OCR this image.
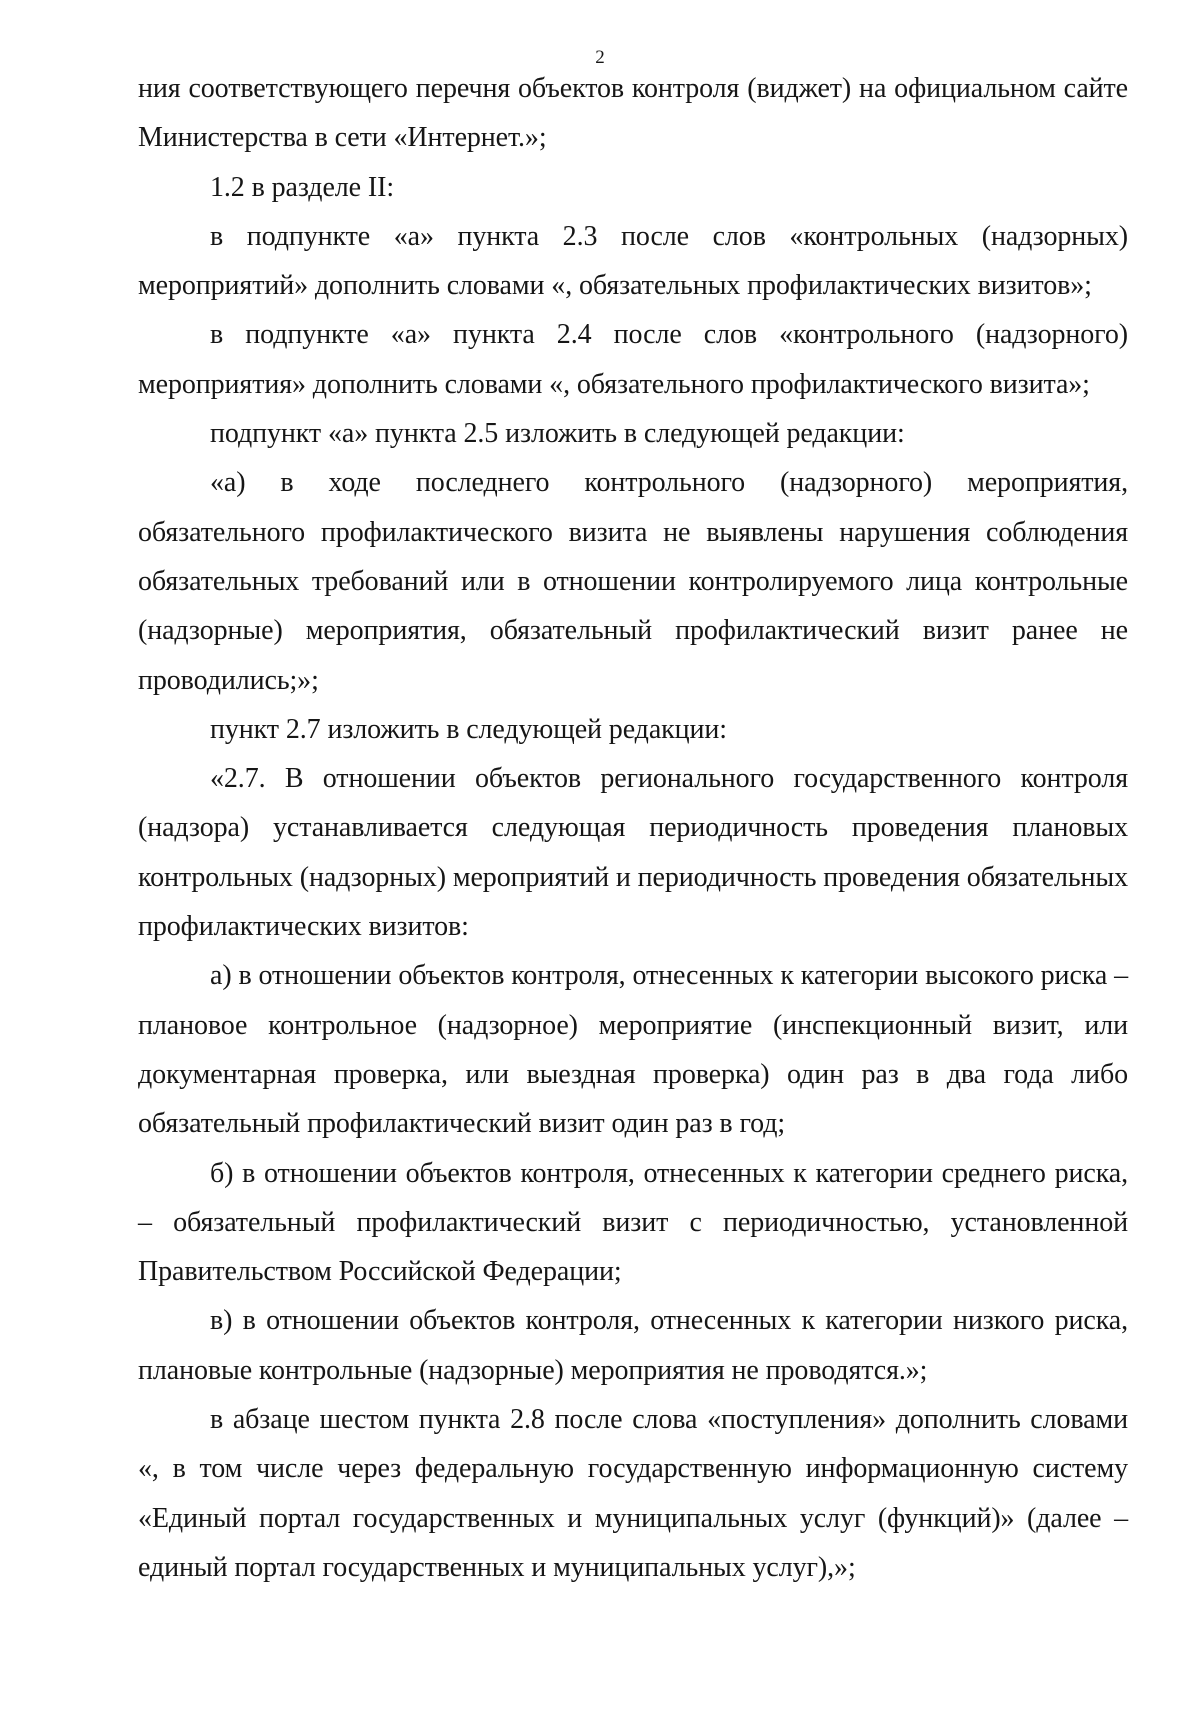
2

ния соответствующего перечня объектов контроля (виджет) на официальном сайте Министерства в сети «Интернет.»;

1.2 в разделе II:

в подпункте «а» пункта 2.3 после слов «контрольных (надзорных) мероприятий» дополнить словами «, обязательных профилактических визитов»;

в подпункте «а» пункта 2.4 после слов «контрольного (надзорного) мероприятия» дополнить словами «, обязательного профилактического визита»;

подпункт «а» пункта 2.5 изложить в следующей редакции:

«а) в ходе последнего контрольного (надзорного) мероприятия, обязательного профилактического визита не выявлены нарушения соблюдения обязательных требований или в отношении контролируемого лица контрольные (надзорные) мероприятия, обязательный профилактический визит ранее не проводились;»;

пункт 2.7 изложить в следующей редакции:

«2.7. В отношении объектов регионального государственного контроля (надзора) устанавливается следующая периодичность проведения плановых контрольных (надзорных) мероприятий и периодичность проведения обязательных профилактических визитов:

а) в отношении объектов контроля, отнесенных к категории высокого риска – плановое контрольное (надзорное) мероприятие (инспекционный визит, или документарная проверка, или выездная проверка) один раз в два года либо обязательный профилактический визит один раз в год;

б) в отношении объектов контроля, отнесенных к категории среднего риска, – обязательный профилактический визит с периодичностью, установленной Правительством Российской Федерации;

в) в отношении объектов контроля, отнесенных к категории низкого риска, плановые контрольные (надзорные) мероприятия не проводятся.»;

в абзаце шестом пункта 2.8 после слова «поступления» дополнить словами «, в том числе через федеральную государственную информационную систему «Единый портал государственных и муниципальных услуг (функций)» (далее – единый портал государственных и муниципальных услуг),»;
